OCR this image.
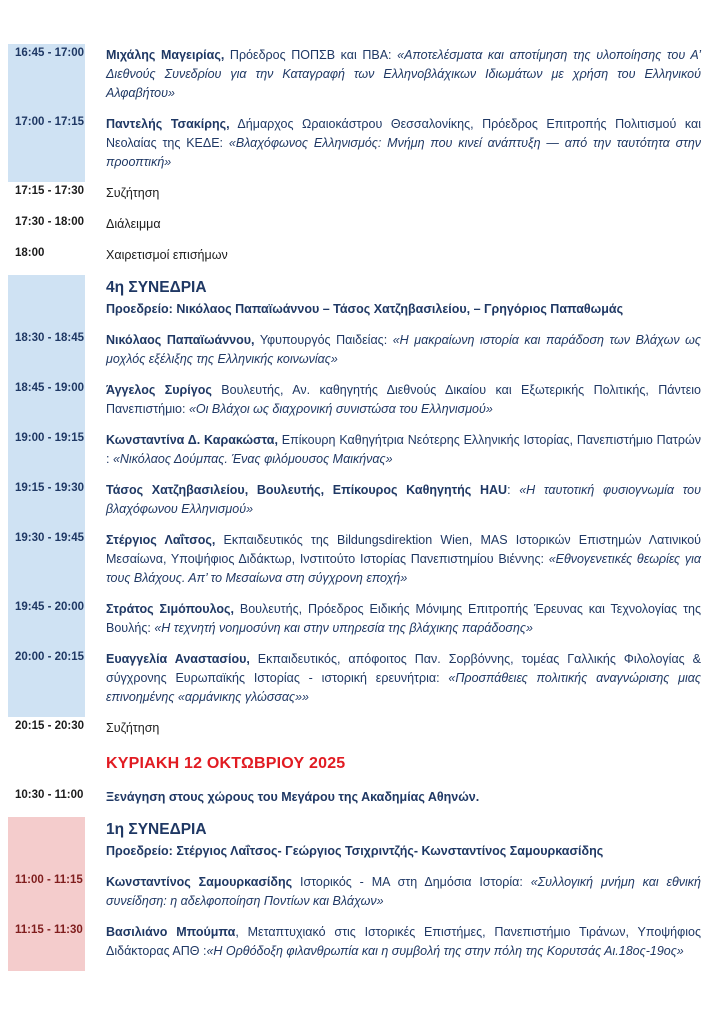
16:45 - 17:00 Μιχάλης Μαγειρίας, Πρόεδρος ΠΟΠΣΒ και ΠΒΑ: «Αποτελέσματα και αποτίμηση της υλοποίησης του Α’ Διεθνούς Συνεδρίου για την Καταγραφή των Ελληνοβλάχικων Ιδιωμάτων με χρήση του Ελληνικού Αλφαβήτου»
17:00 - 17:15 Παντελής Τσακίρης, Δήμαρχος Ωραιοκάστρου Θεσσαλονίκης, Πρόεδρος Επιτροπής Πολιτισμού και Νεολαίας της ΚΕΔΕ: «Βλαχόφωνος Ελληνισμός: Μνήμη που κινεί ανάπτυξη — από την ταυτότητα στην προοπτική»
17:15 - 17:30 Συζήτηση
17:30 - 18:00 Διάλειμμα
18:00	Χαιρετισμοί επισήμων
4η ΣΥΝΕΔΡΙΑ
Προεδρείο: Νικόλαος Παπαϊωάννου – Τάσος Χατζηβασιλείου, – Γρηγόριος Παπαθωμάς
18:30 - 18:45 Νικόλαος Παπαϊωάννου, Υφυπουργός Παιδείας: «Η μακραίωνη ιστορία και παράδοση των Βλάχων ως μοχλός εξέλιξης της Ελληνικής κοινωνίας»
18:45 - 19:00 Άγγελος Συρίγος Βουλευτής, Αν. καθηγητής Διεθνούς Δικαίου και Εξωτερικής Πολιτικής, Πάντειο Πανεπιστήμιο: «Οι Βλάχοι ως διαχρονική συνιστώσα του Ελληνισμού»
19:00 - 19:15 Κωνσταντίνα Δ. Καρακώστα, Επίκουρη Καθηγήτρια Νεότερης Ελληνικής Ιστορίας, Πανεπιστήμιο Πατρών : «Νικόλαος Δούμπας. Ένας φιλόμουσος Μαικήνας»
19:15 - 19:30 Τάσος Χατζηβασιλείου, Βουλευτής, Επίκουρος Καθηγητής HAU: «Η ταυτοτική φυσιογνωμία του βλαχόφωνου Ελληνισμού»
19:30 - 19:45 Στέργιος Λαΐτσος, Εκπαιδευτικός της Bildungsdirektion Wien, MAS Ιστορικών Επιστημών Λατινικού Μεσαίωνα, Υποψήφιος Διδάκτωρ, Ινστιτούτο Ιστορίας Πανεπιστημίου Βιέννης: «Εθνογενετικές θεωρίες για τους Βλάχους. Απ’ το Μεσαίωνα στη σύγχρονη εποχή»
19:45 - 20:00 Στράτος Σιμόπουλος, Βουλευτής, Πρόεδρος Ειδικής Μόνιμης Επιτροπής Έρευνας και Τεχνολογίας της Βουλής: «Η τεχνητή νοημοσύνη και στην υπηρεσία της βλάχικης παράδοσης»
20:00 - 20:15 Ευαγγελία Αναστασίου, Εκπαιδευτικός, απόφοιτος Παν. Σορβόννης, τομέας Γαλλικής Φιλολογίας & σύγχρονης Ευρωπαϊκής Ιστορίας - ιστορική ερευνήτρια: «Προσπάθειες πολιτικής αναγνώρισης μιας επινοημένης «αρμάνικης γλώσσας»»
20:15 - 20:30 Συζήτηση
ΚΥΡΙΑΚΗ 12 ΟΚΤΩΒΡΙΟΥ 2025
10:30 - 11:00 Ξενάγηση στους χώρους του Μεγάρου της Ακαδημίας Αθηνών.
1η ΣΥΝΕΔΡΙΑ
Προεδρείο: Στέργιος Λαΐτσος- Γεώργιος Τσιχριντζής- Κωνσταντίνος Σαμουρκασίδης
11:00 - 11:15 Κωνσταντίνος Σαμουρκασίδης Ιστορικός - ΜΑ στη Δημόσια Ιστορία: «Συλλογική μνήμη και εθνική συνείδηση: η αδελφοποίηση Ποντίων και Βλάχων»
11:15 - 11:30 Βασιλιάνο Μπούμπα, Μεταπτυχιακό στις Ιστορικές Επιστήμες, Πανεπιστήμιο Τιράνων, Υποψήφιος Διδάκτορας ΑΠΘ :«Η Ορθόδοξη φιλανθρωπία και η συμβολή της στην πόλη της Κορυτσάς Αι.18ος-19ος»
